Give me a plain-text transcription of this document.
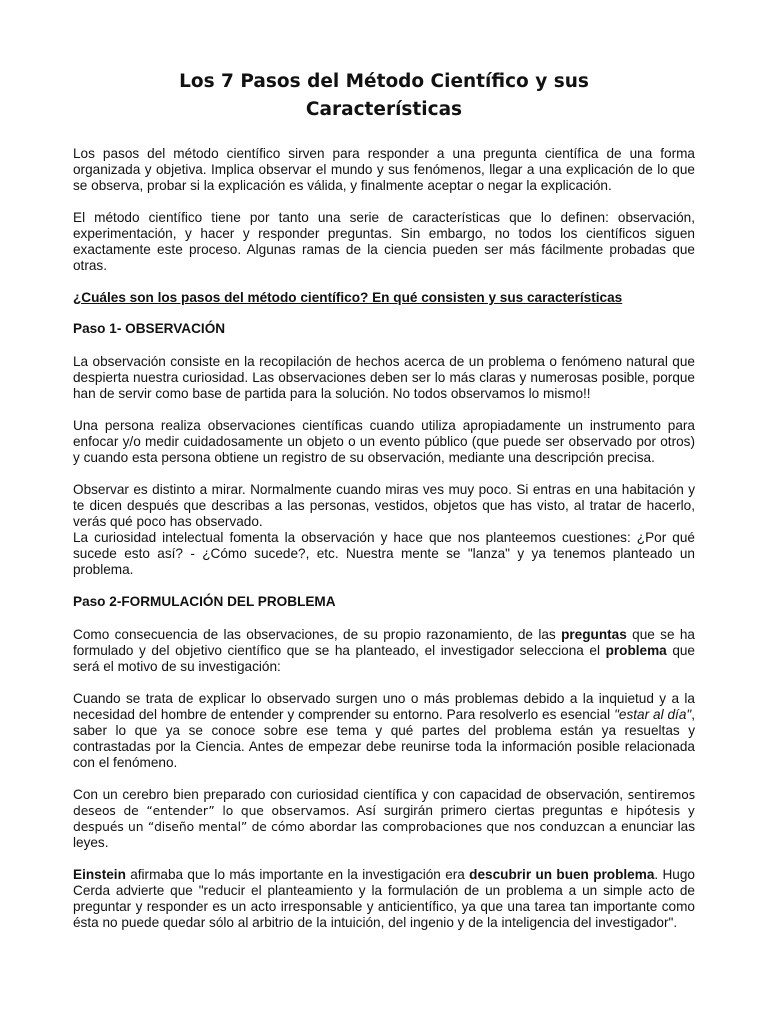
Los 7 Pasos del Método Científico y sus Características

Los pasos del método científico sirven para responder a una pregunta científica de una forma organizada y objetiva. Implica observar el mundo y sus fenómenos, llegar a una explicación de lo que se observa, probar si la explicación es válida, y finalmente aceptar o negar la explicación.

El método científico tiene por tanto una serie de características que lo definen: observación, experimentación, y hacer y responder preguntas. Sin embargo, no todos los científicos siguen exactamente este proceso. Algunas ramas de la ciencia pueden ser más fácilmente probadas que otras.

¿Cuáles son los pasos del método científico? En qué consisten y sus características

Paso 1- OBSERVACIÓN

La observación consiste en la recopilación de hechos acerca de un problema o fenómeno natural que despierta nuestra curiosidad. Las observaciones deben ser lo más claras y numerosas posible, porque han de servir como base de partida para la solución. No todos observamos lo mismo!!

Una persona realiza observaciones científicas cuando utiliza apropiadamente un instrumento para enfocar y/o medir cuidadosamente un objeto o un evento público (que puede ser observado por otros) y cuando esta persona obtiene un registro de su observación, mediante una descripción precisa.

Observar es distinto a mirar. Normalmente cuando miras ves muy poco. Si entras en una habitación y te dicen después que describas a las personas, vestidos, objetos que has visto, al tratar de hacerlo, verás qué poco has observado.

La curiosidad intelectual fomenta la observación y hace que nos planteemos cuestiones: ¿Por qué sucede esto así? - ¿Cómo sucede?, etc. Nuestra mente se "lanza" y ya tenemos planteado un problema.

Paso 2-FORMULACIÓN DEL PROBLEMA

Como consecuencia de las observaciones, de su propio razonamiento, de las preguntas que se ha formulado y del objetivo científico que se ha planteado, el investigador selecciona el problema que será el motivo de su investigación:

Cuando se trata de explicar lo observado surgen uno o más problemas debido a la inquietud y a la necesidad del hombre de entender y comprender su entorno. Para resolverlo es esencial "estar al día", saber lo que ya se conoce sobre ese tema y qué partes del problema están ya resueltas y contrastadas por la Ciencia. Antes de empezar debe reunirse toda la información posible relacionada con el fenómeno.

Con un cerebro bien preparado con curiosidad científica y con capacidad de observación, sentiremos deseos de “entender” lo que observamos. Así surgirán primero ciertas preguntas e hipótesis y después un “diseño mental” de cómo abordar las comprobaciones que nos conduzcan a enunciar las leyes.

Einstein afirmaba que lo más importante en la investigación era descubrir un buen problema. Hugo Cerda advierte que "reducir el planteamiento y la formulación de un problema a un simple acto de preguntar y responder es un acto irresponsable y anticientífico, ya que una tarea tan importante como ésta no puede quedar sólo al arbitrio de la intuición, del ingenio y de la inteligencia del investigador".
